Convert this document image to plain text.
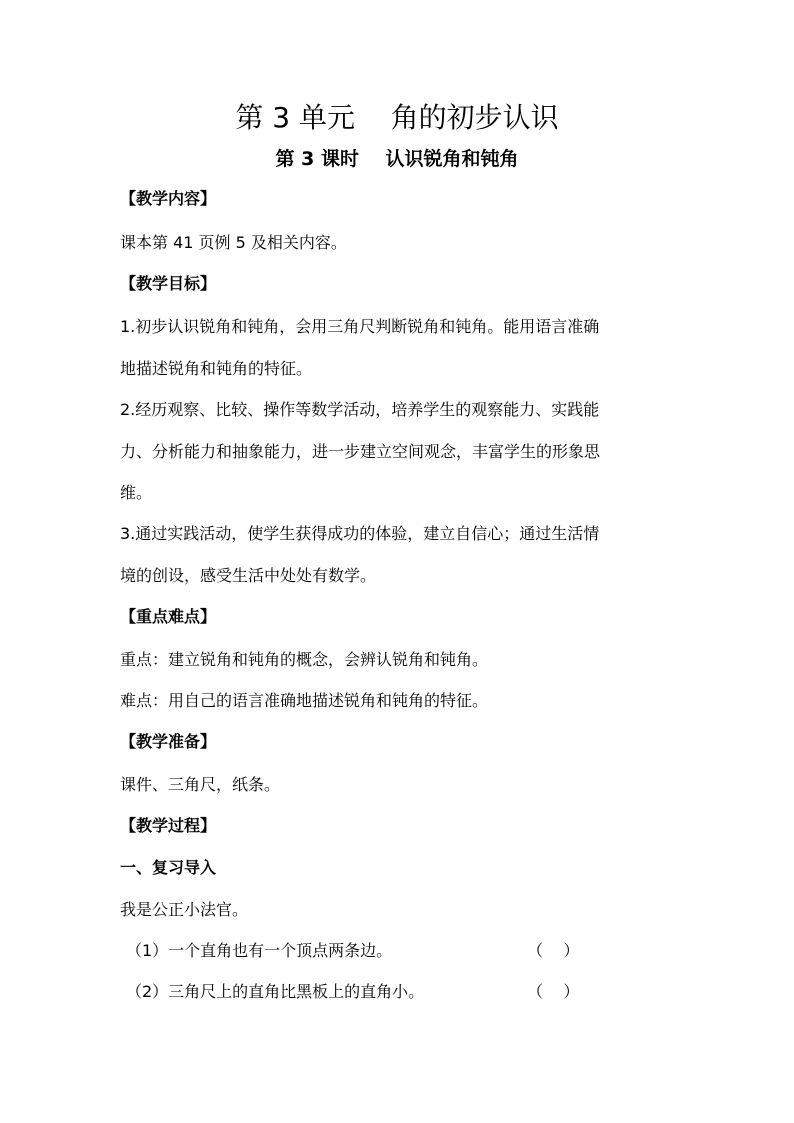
第 3 单元    角的初步认识
第 3 课时    认识锐角和钝角
【教学内容】
课本第 41 页例 5 及相关内容。
【教学目标】
1.初步认识锐角和钝角，会用三角尺判断锐角和钝角。能用语言准确
地描述锐角和钝角的特征。
2.经历观察、比较、操作等数学活动，培养学生的观察能力、实践能
力、分析能力和抽象能力，进一步建立空间观念，丰富学生的形象思
维。
3.通过实践活动，使学生获得成功的体验，建立自信心；通过生活情
境的创设，感受生活中处处有数学。
【重点难点】
重点：建立锐角和钝角的概念，会辨认锐角和钝角。
难点：用自己的语言准确地描述锐角和钝角的特征。
【教学准备】
课件、三角尺，纸条。
【教学过程】
一、复习导入
我是公正小法官。
（1）一个直角也有一个顶点两条边。	（    ）
（2）三角尺上的直角比黑板上的直角小。	（    ）
